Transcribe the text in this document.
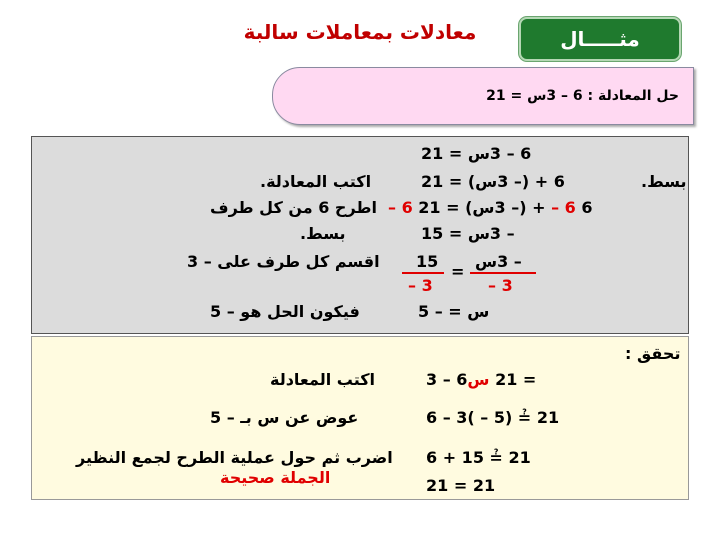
معادلات بمعاملات سالبة	مثـــــال
حل المعادلة : 6 – 3س = 21
6 – 3س = 21
بسط.
6 + (– 3س) = 21
اكتب المعادلة.
– 6 + (– 3س) = 21 – 6 6
اطرح 6 من كل طرف
– 3س = 15
بسط.
– 3س
– 3
=
15
– 3
اقسم كل طرف على – 3
س = – 5
فيكون الحل هو – 5
تحقق :
= 21 س6 – 3
اكتب المعادلة
6 – 3( – 5) ≟ 21
عوض عن س بـ – 5
6 + 15 ≟ 21
اضرب ثم حول عملية الطرح لجمع النظير
21 = 21
الجملة صحيحة
